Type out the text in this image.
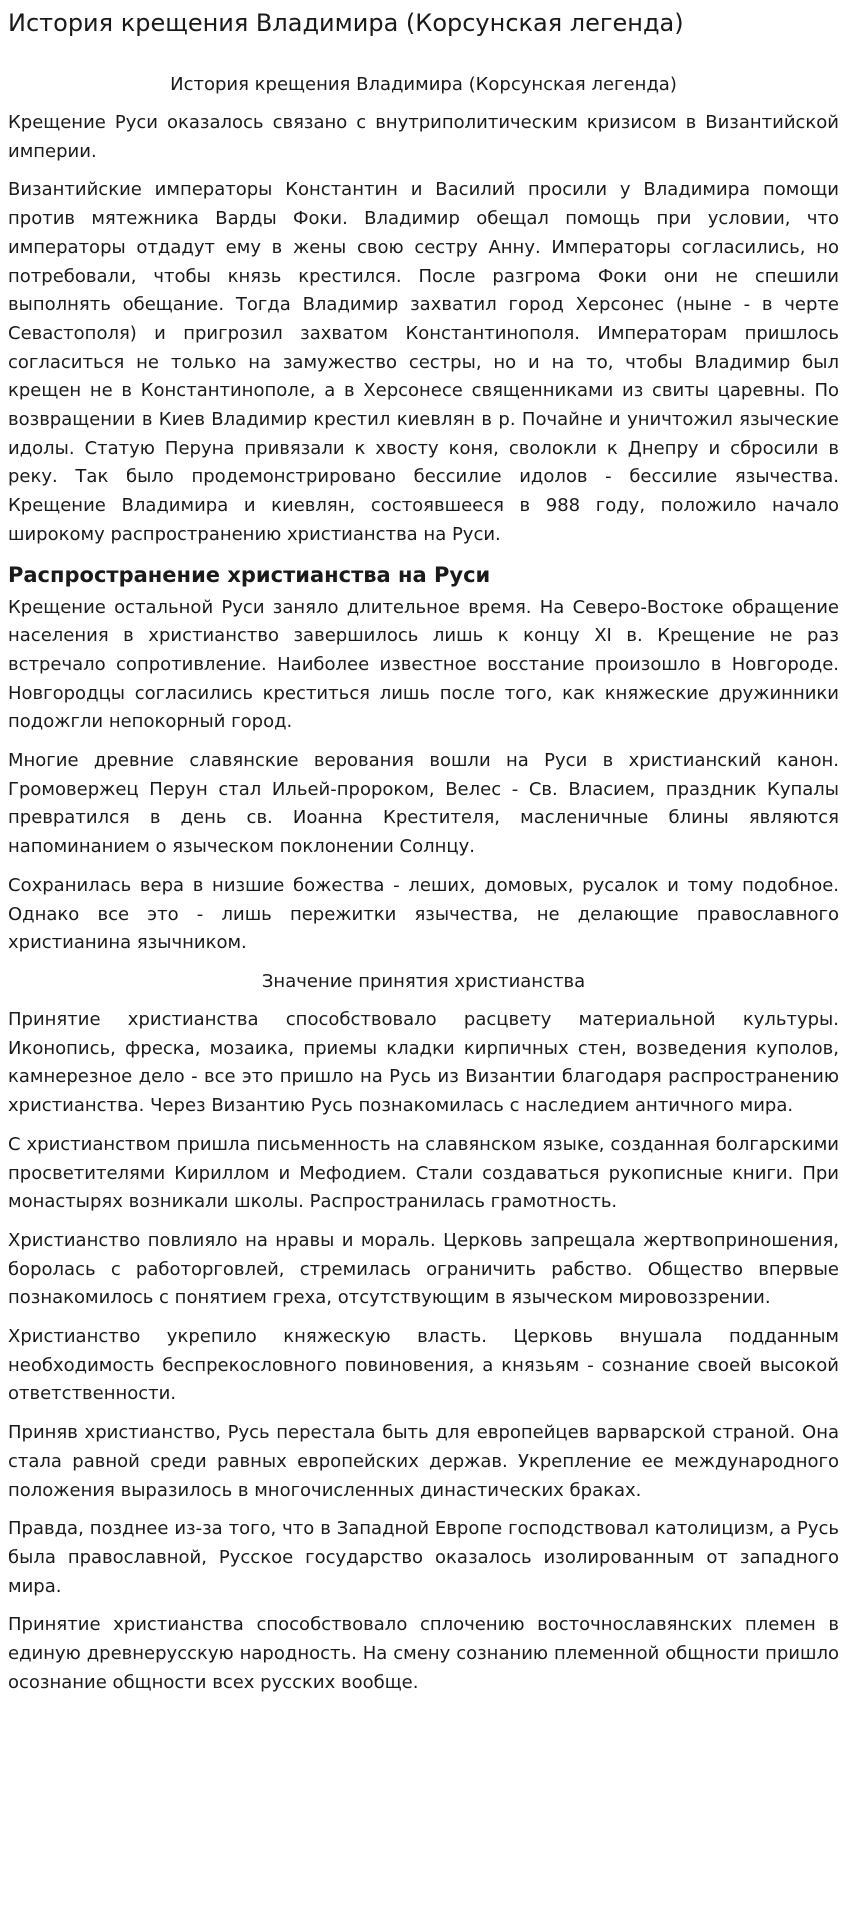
История крещения Владимира (Корсунская легенда)
История крещения Владимира (Корсунская легенда)

Крещение Руси оказалось связано с внутриполитическим кризисом в Византийской империи.

Византийские императоры Константин и Василий просили у Владимира помощи против мятежника Варды Фоки. Владимир обещал помощь при условии, что императоры отдадут ему в жены свою сестру Анну. Императоры согласились, но потребовали, чтобы князь крестился. После разгрома Фоки они не спешили выполнять обещание. Тогда Владимир захватил город Херсонес (ныне - в черте Севастополя) и пригрозил захватом Константинополя. Императорам пришлось согласиться не только на замужество сестры, но и на то, чтобы Владимир был крещен не в Константинополе, а в Херсонесе священниками из свиты царевны. По возвращении в Киев Владимир крестил киевлян в р. Почайне и уничтожил языческие идолы. Статую Перуна привязали к хвосту коня, сволокли к Днепру и сбросили в реку. Так было продемонстрировано бессилие идолов - бессилие язычества. Крещение Владимира и киевлян, состоявшееся в 988 году, положило начало широкому распространению христианства на Руси.

Распространение христианства на Руси

Крещение остальной Руси заняло длительное время. На Северо-Востоке обращение населения в христианство завершилось лишь к концу XI в. Крещение не раз встречало сопротивление. Наиболее известное восстание произошло в Новгороде. Новгородцы согласились креститься лишь после того, как княжеские дружинники подожгли непокорный город.

Многие древние славянские верования вошли на Руси в христианский канон. Громовержец Перун стал Ильей-пророком, Велес - Св. Власием, праздник Купалы превратился в день св. Иоанна Крестителя, масленичные блины являются напоминанием о языческом поклонении Солнцу.

Сохранилась вера в низшие божества - леших, домовых, русалок и тому подобное. Однако все это - лишь пережитки язычества, не делающие православного христианина язычником.

Значение принятия христианства

Принятие христианства способствовало расцвету материальной культуры. Иконопись, фреска, мозаика, приемы кладки кирпичных стен, возведения куполов, камнерезное дело - все это пришло на Русь из Византии благодаря распространению христианства. Через Византию Русь познакомилась с наследием античного мира.

С христианством пришла письменность на славянском языке, созданная болгарскими просветителями Кириллом и Мефодием. Стали создаваться рукописные книги. При монастырях возникали школы. Распространилась грамотность.

Христианство повлияло на нравы и мораль. Церковь запрещала жертвоприношения, боролась с работорговлей, стремилась ограничить рабство. Общество впервые познакомилось с понятием греха, отсутствующим в языческом мировоззрении.

Христианство укрепило княжескую власть. Церковь внушала подданным необходимость беспрекословного повиновения, а князьям - сознание своей высокой ответственности.

Приняв христианство, Русь перестала быть для европейцев варварской страной. Она стала равной среди равных европейских держав. Укрепление ее международного положения выразилось в многочисленных династических браках.

Правда, позднее из-за того, что в Западной Европе господствовал католицизм, а Русь была православной, Русское государство оказалось изолированным от западного мира.

Принятие христианства способствовало сплочению восточнославянских племен в единую древнерусскую народность. На смену сознанию племенной общности пришло осознание общности всех русских вообще.
